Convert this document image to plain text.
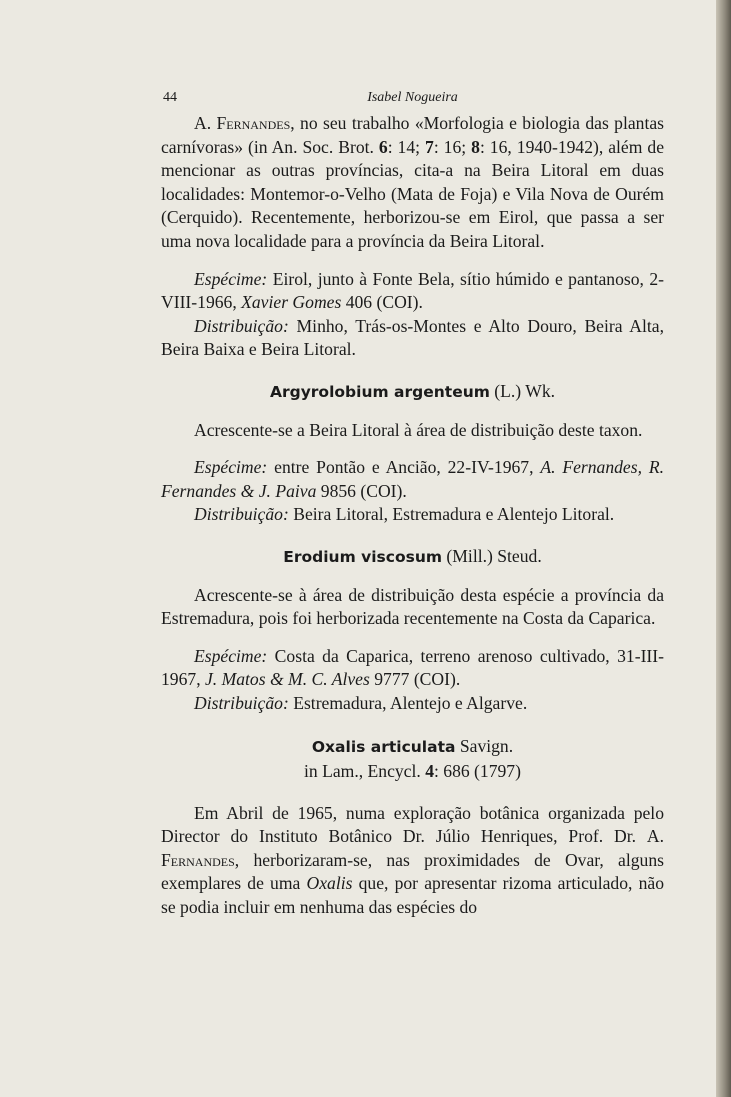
44	Isabel Nogueira

A. Fernandes, no seu trabalho «Morfologia e biologia das plantas carnívoras» (in An. Soc. Brot. 6: 14; 7: 16; 8: 16, 1940-1942), além de mencionar as outras províncias, cita-a na Beira Litoral em duas localidades: Montemor-o-Velho (Mata de Foja) e Vila Nova de Ourém (Cerquido). Recentemente, herborizou-se em Eirol, que passa a ser uma nova localidade para a província da Beira Litoral.

Espécime: Eirol, junto à Fonte Bela, sítio húmido e pantanoso, 2-VIII-1966, Xavier Gomes 406 (COI).

Distribuição: Minho, Trás-os-Montes e Alto Douro, Beira Alta, Beira Baixa e Beira Litoral.

Argyrolobium argenteum (L.) Wk.

Acrescente-se a Beira Litoral à área de distribuição deste taxon.

Espécime: entre Pontão e Ancião, 22-IV-1967, A. Fernandes, R. Fernandes & J. Paiva 9856 (COI).

Distribuição: Beira Litoral, Estremadura e Alentejo Litoral.

Erodium viscosum (Mill.) Steud.

Acrescente-se à área de distribuição desta espécie a província da Estremadura, pois foi herborizada recentemente na Costa da Caparica.

Espécime: Costa da Caparica, terreno arenoso cultivado, 31-III-1967, J. Matos & M. C. Alves 9777 (COI).

Distribuição: Estremadura, Alentejo e Algarve.

Oxalis articulata Savign.
in Lam., Encycl. 4: 686 (1797)

Em Abril de 1965, numa exploração botânica organizada pelo Director do Instituto Botânico Dr. Júlio Henriques, Prof. Dr. A. Fernandes, herborizaram-se, nas proximidades de Ovar, alguns exemplares de uma Oxalis que, por apresentar rizoma articulado, não se podia incluir em nenhuma das espécies do
